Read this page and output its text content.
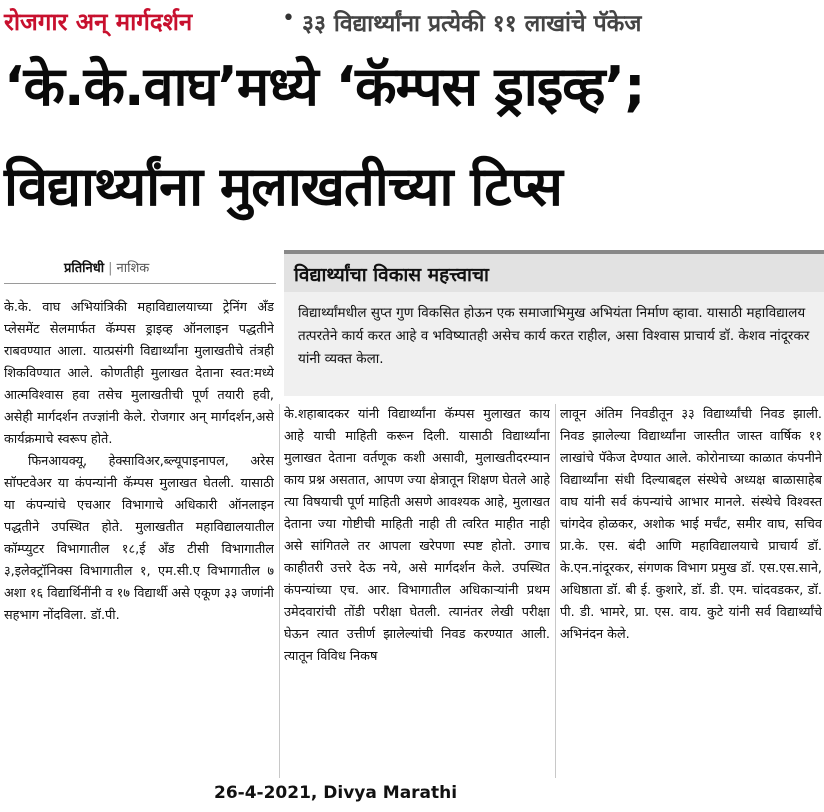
रोजगार अन् मार्गदर्शन	• ३३ विद्यार्थ्यांना प्रत्येकी ११ लाखांचे पॅकेज
‘के.के.वाघ’मध्ये ‘कॅम्पस ड्राइव्ह’;
विद्यार्थ्यांना मुलाखतीच्या टिप्स
प्रतिनिधी | नाशिक	विद्यार्थ्यांचा विकास महत्त्वाचा

विद्यार्थ्यांमधील सुप्त गुण विकसित होऊन एक समाजाभिमुख अभियंता निर्माण व्हावा. यासाठी महाविद्यालय तत्परतेने कार्य करत आहे व भविष्यातही असेच कार्य करत राहील, असा विश्वास प्राचार्य डॉ. केशव नांदूरकर यांनी व्यक्त केला.

के.के. वाघ अभियांत्रिकी महाविद्यालयाच्या ट्रेनिंग अँड प्लेसमेंट सेलमार्फत कॅम्पस ड्राइव्ह ऑनलाइन पद्धतीने राबवण्यात आला. यात्प्रसंगी विद्यार्थ्यांना मुलाखतीचे तंत्रही शिकविण्यात आले. कोणतीही मुलाखत देताना स्वत:मध्ये आत्मविश्वास हवा तसेच मुलाखतीची पूर्ण तयारी हवी, असेही मार्गदर्शन तज्ज्ञांनी केले. रोजगार अन् मार्गदर्शन,असे कार्यक्रमाचे स्वरूप होते.

फिनआयक्यू, हेक्साविअर,ब्ल्यूपाइनापल, अरेस सॉफ्टवेअर या कंपन्यांनी कॅम्पस मुलाखत घेतली. यासाठी या कंपन्यांचे एचआर विभागाचे अधिकारी ऑनलाइन पद्धतीने उपस्थित होते. मुलाखतीत महाविद्यालयातील कॉम्प्युटर विभागातील १८,ई अँड टीसी विभागातील ३,इलेक्ट्रॉनिक्स विभागातील १, एम.सी.ए विभागातील ७ अशा १६ विद्यार्थिनींनी व १७ विद्यार्थी असे एकूण ३३ जणांनी सहभाग नोंदविला. डॉ.पी.

के.शहाबादकर यांनी विद्यार्थ्यांना कॅम्पस मुलाखत काय आहे याची माहिती करून दिली. यासाठी विद्यार्थ्यांना मुलाखत देताना वर्तणूक कशी असावी, मुलाखतीदरम्यान काय प्रश्न असतात, आपण ज्या क्षेत्रातून शिक्षण घेतले आहे त्या विषयाची पूर्ण माहिती असणे आवश्यक आहे, मुलाखत देताना ज्या गोष्टीची माहिती नाही ती त्वरित माहीत नाही असे सांगितले तर आपला खरेपणा स्पष्ट होतो. उगाच काहीतरी उत्तरे देऊ नये, असे मार्गदर्शन केले. उपस्थित कंपन्यांच्या एच. आर. विभागातील अधिकाऱ्यांनी प्रथम उमेदवारांची तोंडी परीक्षा घेतली. त्यानंतर लेखी परीक्षा घेऊन त्यात उत्तीर्ण झालेल्यांची निवड करण्यात आली. त्यातून विविध निकष

लावून अंतिम निवडीतून ३३ विद्यार्थ्यांची निवड झाली. निवड झालेल्या विद्यार्थ्यांना जास्तीत जास्त वार्षिक ११ लाखांचे पॅकेज देण्यात आले. कोरोनाच्या काळात कंपनीने विद्यार्थ्यांना संधी दिल्याबद्दल संस्थेचे अध्यक्ष बाळासाहेब वाघ यांनी सर्व कंपन्यांचे आभार मानले. संस्थेचे विश्वस्त चांगदेव होळकर, अशोक भाई मर्चंट, समीर वाघ, सचिव प्रा.के. एस. बंदी आणि महाविद्यालयाचे प्राचार्य डॉ. के.एन.नांदूरकर, संगणक विभाग प्रमुख डॉ. एस.एस.साने, अधिष्ठाता डॉ. बी ई. कुशारे, डॉ. डी. एम. चांदवडकर, डॉ. पी. डी. भामरे, प्रा. एस. वाय. कुटे यांनी सर्व विद्यार्थ्यांचे अभिनंदन केले.

26-4-2021, Divya Marathi
